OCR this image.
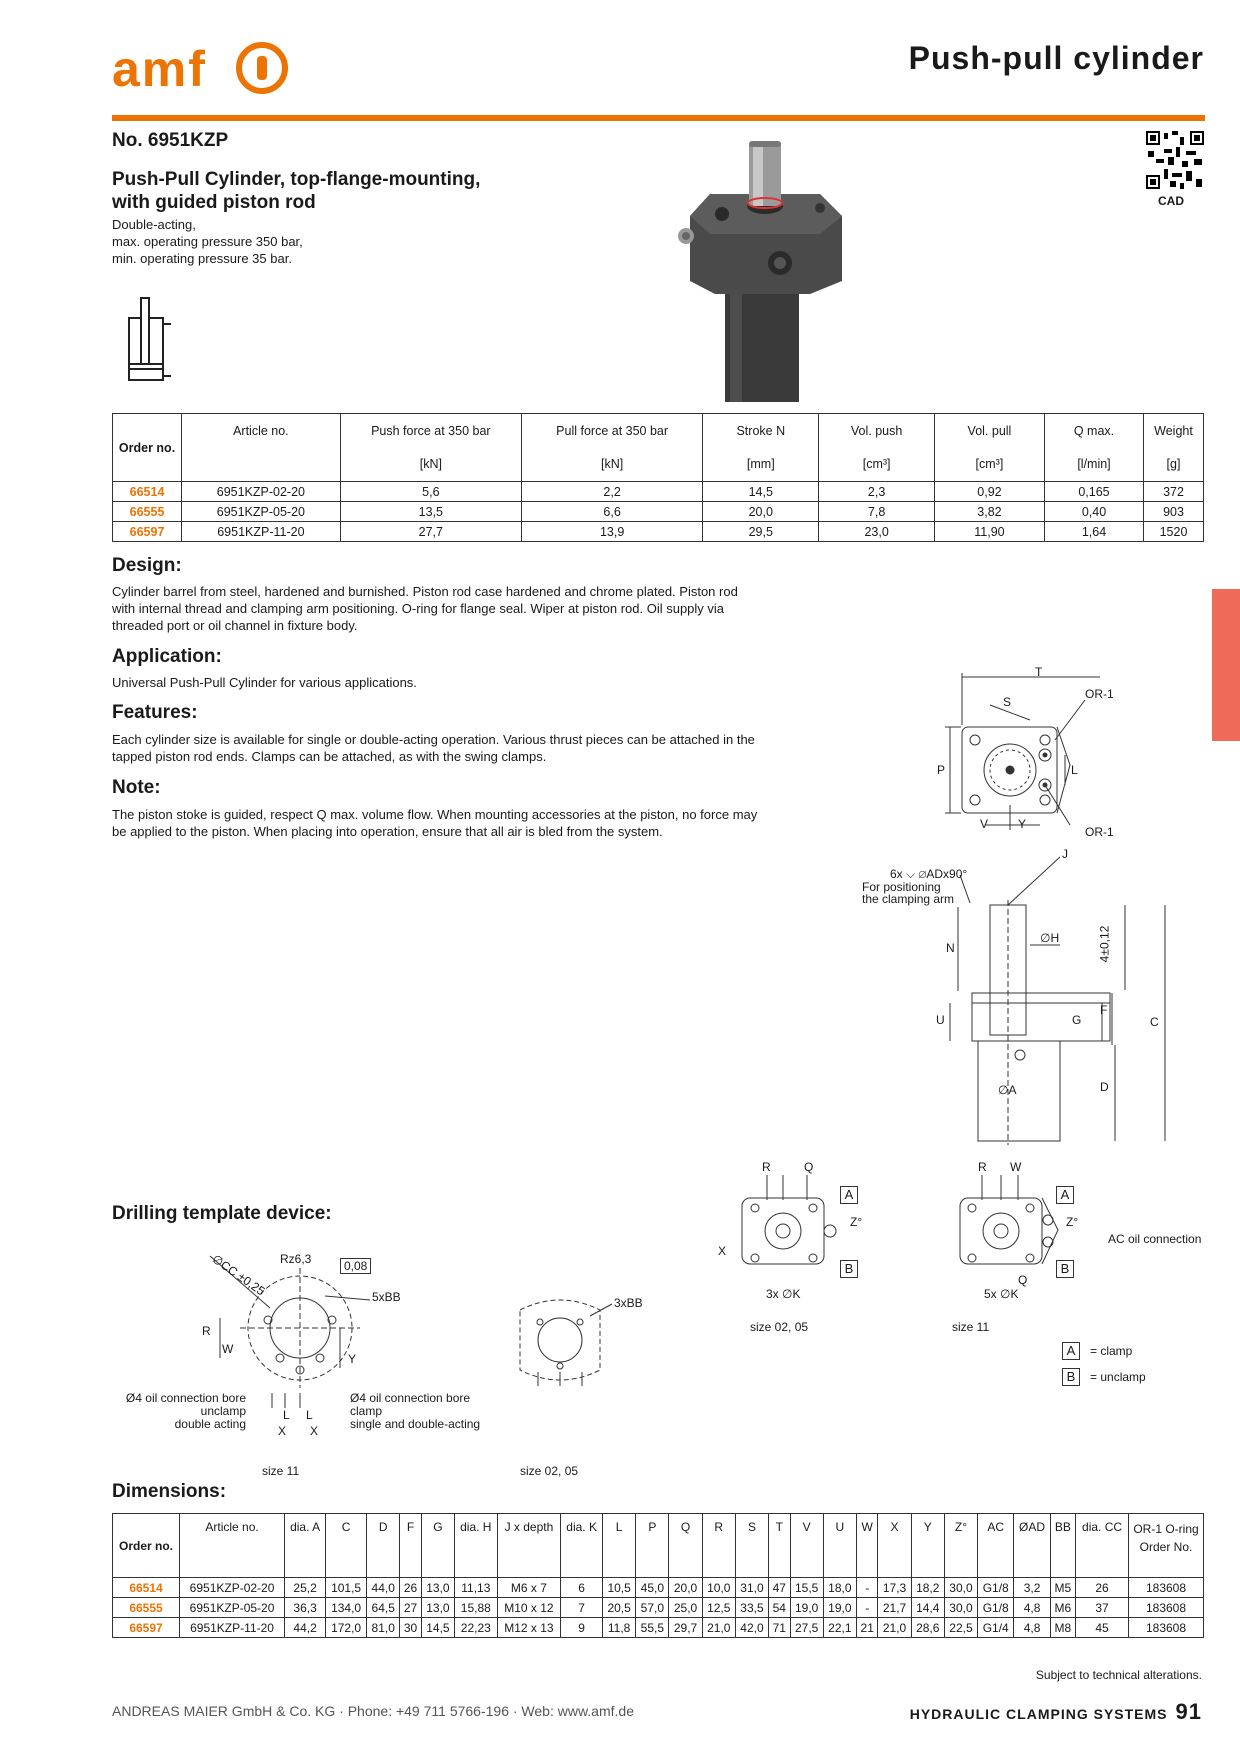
amf	Push-pull cylinder
No. 6951KZP
Push-Pull Cylinder, top-flange-mounting,
with guided piston rod
Double-acting,
max. operating pressure 350 bar,
min. operating pressure 35 bar.
CAD
Order no.	Article no.	Push force at 350 bar	Pull force at 350 bar	Stroke N	Vol. push	Vol. pull	Q max.	Weight
		[kN]	[kN]	[mm]	[cm³]	[cm³]	[l/min]	[g]
66514	6951KZP-02-20	5,6	2,2	14,5	2,3	0,92	0,165	372
66555	6951KZP-05-20	13,5	6,6	20,0	7,8	3,82	0,40	903
66597	6951KZP-11-20	27,7	13,9	29,5	23,0	11,90	1,64	1520
Design:
Cylinder barrel from steel, hardened and burnished. Piston rod case hardened and chrome plated. Piston rod with internal thread and clamping arm positioning. O-ring for flange seal. Wiper at piston rod. Oil supply via threaded port or oil channel in fixture body.
Application:
Universal Push-Pull Cylinder for various applications.
Features:
Each cylinder size is available for single or double-acting operation. Various thrust pieces can be attached in the tapped piston rod ends. Clamps can be attached, as with the swing clamps.
Note:
The piston stoke is guided, respect Q max. volume flow. When mounting accessories at the piston, no force may be applied to the piston. When placing into operation, ensure that all air is bled from the system.
T
S
OR-1
P	L
V Y
OR-1
6x ⌵ ∅ADx90°
For positioning
the clamping arm
J
N
∅H	4±0,12
U	G
F
D
C
∅A
R	Q
A
Z°
X
B
3x ∅K
size 02, 05
R W
A
Z°
Q
B
5x ∅K
AC oil connection
size 11
A	= clamp
B	= unclamp
Drilling template device:
Rz6,3	0,08
∅CC ±0,25	5xBB
R
W
Y
L L
X X
Ø4 oil connection bore
unclamp
double acting
Ø4 oil connection bore
clamp
single and double-acting
size 11
3xBB
size 02, 05
Dimensions:
Order no.	Article no.	dia. A	C	D	F	G	dia. H	J x depth	dia. K	L	P	Q	R	S	T	V	U	W	X	Y	Z°	AC	ØAD	BB	dia. CC	OR-1 O-ring Order No.
66514	6951KZP-02-20	25,2	101,5	44,0	26	13,0	11,13	M6 x 7	6	10,5	45,0	20,0	10,0	31,0	47	15,5	18,0	-	17,3	18,2	30,0	G1/8	3,2	M5	26	183608
66555	6951KZP-05-20	36,3	134,0	64,5	27	13,0	15,88	M10 x 12	7	20,5	57,0	25,0	12,5	33,5	54	19,0	19,0	-	21,7	14,4	30,0	G1/8	4,8	M6	37	183608
66597	6951KZP-11-20	44,2	172,0	81,0	30	14,5	22,23	M12 x 13	9	11,8	55,5	29,7	21,0	42,0	71	27,5	22,1	21	21,0	28,6	22,5	G1/4	4,8	M8	45	183608
Subject to technical alterations.
ANDREAS MAIER GmbH & Co. KG · Phone: +49 711 5766-196 · Web: www.amf.de	HYDRAULIC CLAMPING SYSTEMS 91
